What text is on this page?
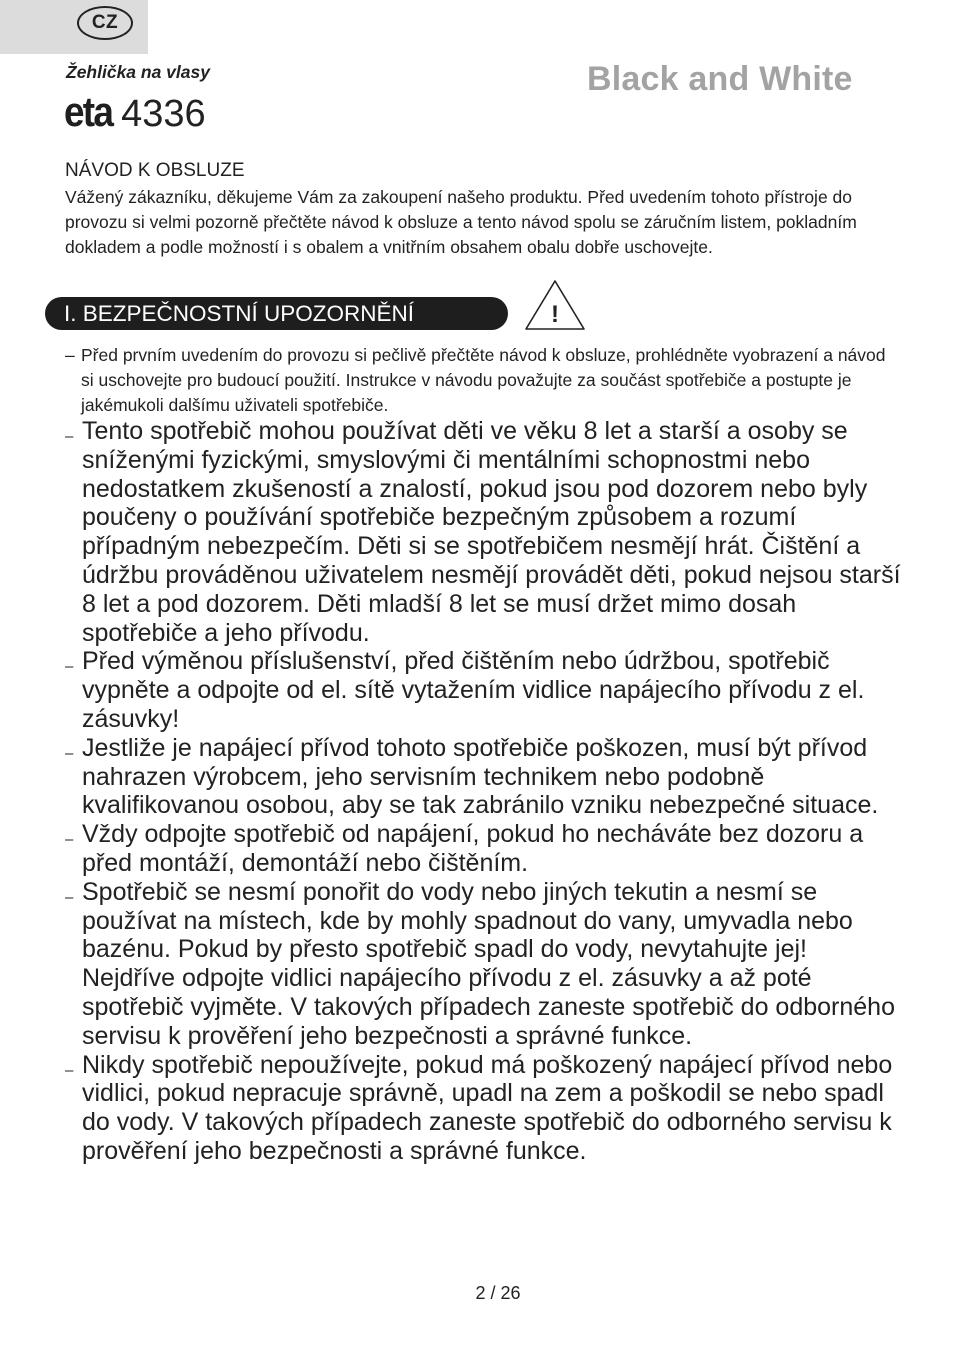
CZ
Žehlička na vlasy	Black and White
eta 4336
NÁVOD K OBSLUZE
Vážený zákazníku, děkujeme Vám za zakoupení našeho produktu. Před uvedením tohoto přístroje do provozu si velmi pozorně přečtěte návod k obsluze a tento návod spolu se záručním listem, pokladním dokladem a podle možností i s obalem a vnitřním obsahem obalu dobře uschovejte.
I. BEZPEČNOSTNÍ UPOZORNĚNÍ	!
– Před prvním uvedením do provozu si pečlivě přečtěte návod k obsluze, prohlédněte vyobrazení a návod si uschovejte pro budoucí použití. Instrukce v návodu považujte za součást spotřebiče a postupte je jakémukoli dalšímu uživateli spotřebiče.
– Tento spotřebič mohou používat děti ve věku 8 let a starší a osoby se sníženými fyzickými, smyslovými či mentálními schopnostmi nebo nedostatkem zkušeností a znalostí, pokud jsou pod dozorem nebo byly poučeny o používání spotřebiče bezpečným způsobem a rozumí případným nebezpečím. Děti si se spotřebičem nesmějí hrát. Čištění a údržbu prováděnou uživatelem nesmějí provádět děti, pokud nejsou starší 8 let a pod dozorem. Děti mladší 8 let se musí držet mimo dosah spotřebiče a jeho přívodu.
– Před výměnou příslušenství, před čištěním nebo údržbou, spotřebič vypněte a odpojte od el. sítě vytažením vidlice napájecího přívodu z el. zásuvky!
– Jestliže je napájecí přívod tohoto spotřebiče poškozen, musí být přívod nahrazen výrobcem, jeho servisním technikem nebo podobně kvalifikovanou osobou, aby se tak zabránilo vzniku nebezpečné situace.
– Vždy odpojte spotřebič od napájení, pokud ho necháváte bez dozoru a před montáží, demontáží nebo čištěním.
– Spotřebič se nesmí ponořit do vody nebo jiných tekutin a nesmí se používat na místech, kde by mohly spadnout do vany, umyvadla nebo bazénu. Pokud by přesto spotřebič spadl do vody, nevytahujte jej! Nejdříve odpojte vidlici napájecího přívodu z el. zásuvky a až poté spotřebič vyjměte. V takových případech zaneste spotřebič do odborného servisu k prověření jeho bezpečnosti a správné funkce.
– Nikdy spotřebič nepoužívejte, pokud má poškozený napájecí přívod nebo vidlici, pokud nepracuje správně, upadl na zem a poškodil se nebo spadl do vody. V takových případech zaneste spotřebič do odborného servisu k prověření jeho bezpečnosti a správné funkce.
2 / 26
